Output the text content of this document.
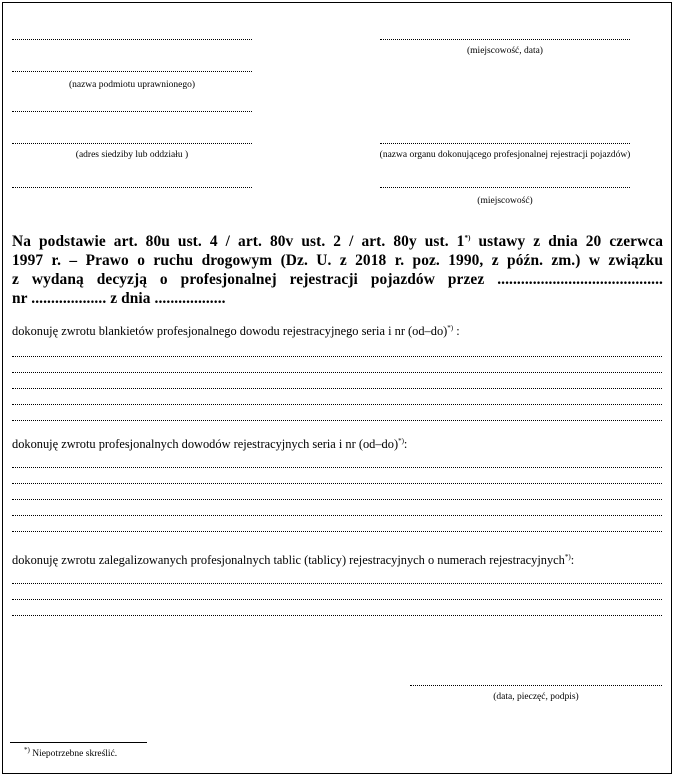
(miejscowość, data)
(nazwa podmiotu uprawnionego)
(adres siedziby lub oddziału )	(nazwa organu dokonującego profesjonalnej rejestracji pojazdów)
(miejscowość)
Na podstawie art. 80u ust. 4 / art. 80v ust. 2 / art. 80y ust. 1*) ustawy z dnia 20 czerwca
1997 r. – Prawo o ruchu drogowym (Dz. U. z 2018 r. poz. 1990, z późn. zm.) w związku
z wydaną decyzją o profesjonalnej rejestracji pojazdów przez ..........................................
nr ................... z dnia ..................
dokonuję zwrotu blankietów profesjonalnego dowodu rejestracyjnego seria i nr (od–do)*) :
dokonuję zwrotu profesjonalnych dowodów rejestracyjnych seria i nr (od–do)*):
dokonuję zwrotu zalegalizowanych profesjonalnych tablic (tablicy) rejestracyjnych o numerach rejestracyjnych*):
(data, pieczęć, podpis)
*) Niepotrzebne skreślić.
